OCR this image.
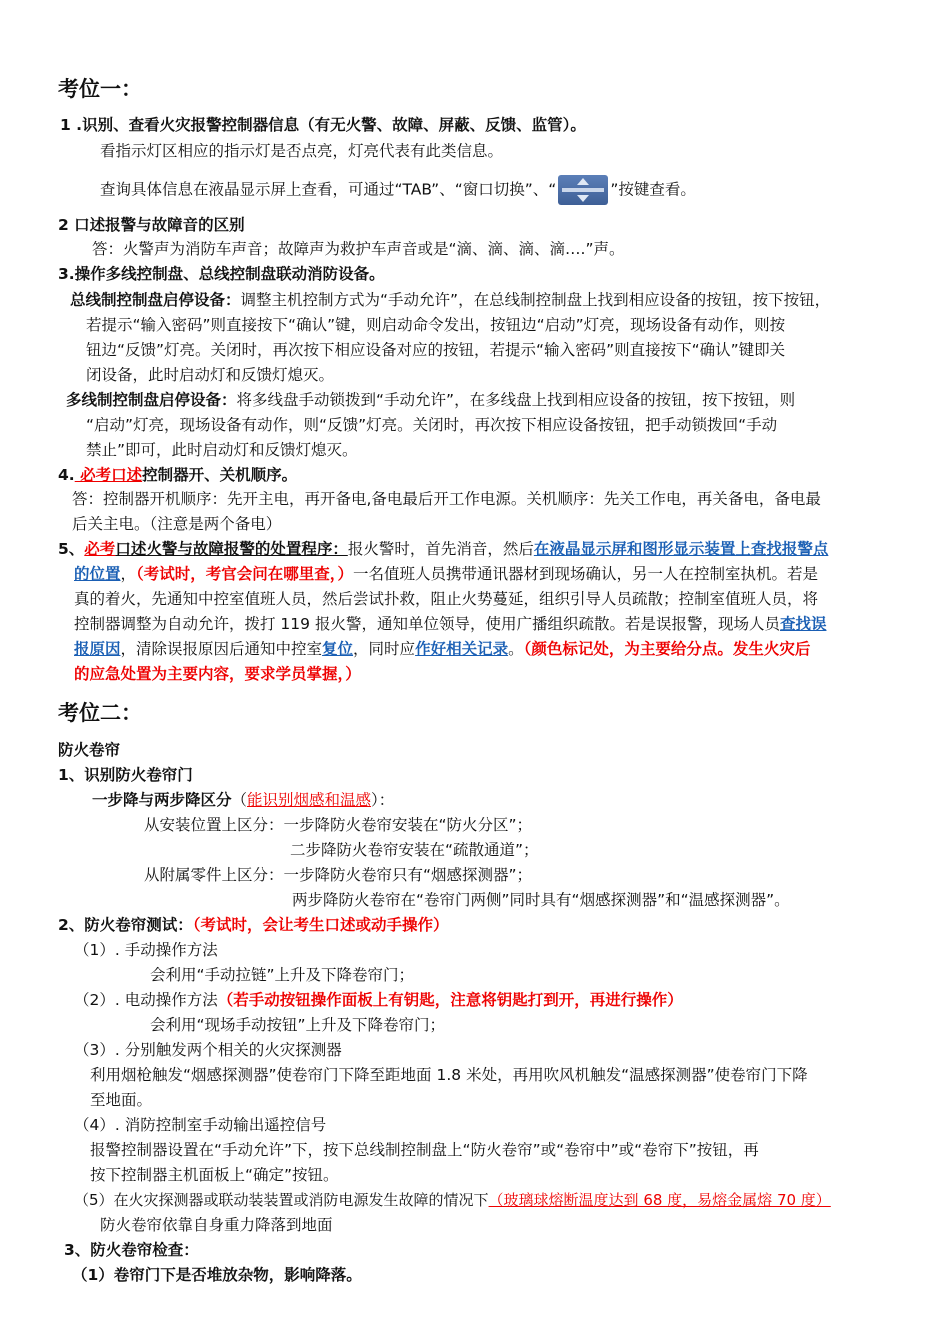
考位一：
1 .识别、查看火灾报警控制器信息（有无火警、故障、屏蔽、反馈、监管）。
看指示灯区相应的指示灯是否点亮，灯亮代表有此类信息。
查询具体信息在液晶显示屏上查看，可通过“TAB”、“窗口切换”、“	”按键查看。
2 口述报警与故障音的区别
答：火警声为消防车声音；故障声为救护车声音或是“滴、滴、滴、滴….”声。
3.操作多线控制盘、总线控制盘联动消防设备。
总线制控制盘启停设备：调整主机控制方式为“手动允许”，在总线制控制盘上找到相应设备的按钮，按下按钮，
若提示“输入密码”则直接按下“确认”键，则启动命令发出，按钮边“启动”灯亮，现场设备有动作，则按
钮边“反馈”灯亮。关闭时，再次按下相应设备对应的按钮，若提示“输入密码”则直接按下“确认”键即关
闭设备，此时启动灯和反馈灯熄灭。
多线制控制盘启停设备：将多线盘手动锁拨到“手动允许”，在多线盘上找到相应设备的按钮，按下按钮，则
“启动”灯亮，现场设备有动作，则“反馈”灯亮。关闭时，再次按下相应设备按钮，把手动锁拨回“手动
禁止”即可，此时启动灯和反馈灯熄灭。
4. 必考口述控制器开、关机顺序。
答：控制器开机顺序：先开主电，再开备电,备电最后开工作电源。关机顺序：先关工作电，再关备电，备电最
后关主电。（注意是两个备电）
5、必考口述火警与故障报警的处置程序：报火警时，首先消音，然后在液晶显示屏和图形显示装置上查找报警点
的位置，（考试时，考官会问在哪里查，）一名值班人员携带通讯器材到现场确认，另一人在控制室执机。若是
真的着火，先通知中控室值班人员，然后尝试扑救，阻止火势蔓延，组织引导人员疏散；控制室值班人员，将
控制器调整为自动允许，拨打 119 报火警，通知单位领导，使用广播组织疏散。若是误报警，现场人员查找误
报原因，清除误报原因后通知中控室复位，同时应作好相关记录。（颜色标记处，为主要给分点。发生火灾后
的应急处置为主要内容，要求学员掌握，）
考位二：
防火卷帘
1、识别防火卷帘门
一步降与两步降区分（能识别烟感和温感）：
从安装位置上区分：一步降防火卷帘安装在“防火分区”；
二步降防火卷帘安装在“疏散通道”；
从附属零件上区分：一步降防火卷帘只有“烟感探测器”；
两步降防火卷帘在“卷帘门两侧”同时具有“烟感探测器”和“温感探测器”。
2、防火卷帘测试：（考试时，会让考生口述或动手操作）
（1）. 手动操作方法
会利用“手动拉链”上升及下降卷帘门；
（2）. 电动操作方法（若手动按钮操作面板上有钥匙，注意将钥匙打到开，再进行操作）
会利用“现场手动按钮”上升及下降卷帘门；
（3）. 分别触发两个相关的火灾探测器
利用烟枪触发“烟感探测器”使卷帘门下降至距地面 1.8 米处，再用吹风机触发“温感探测器”使卷帘门下降
至地面。
（4）. 消防控制室手动输出遥控信号
报警控制器设置在“手动允许”下，按下总线制控制盘上“防火卷帘”或“卷帘中”或“卷帘下”按钮，再
按下控制器主机面板上“确定”按钮。
（5）在火灾探测器或联动装装置或消防电源发生故障的情况下（玻璃球熔断温度达到 68 度，易熔金属熔 70 度）
防火卷帘依靠自身重力降落到地面
3、防火卷帘检查：
（1）卷帘门下是否堆放杂物，影响降落。
